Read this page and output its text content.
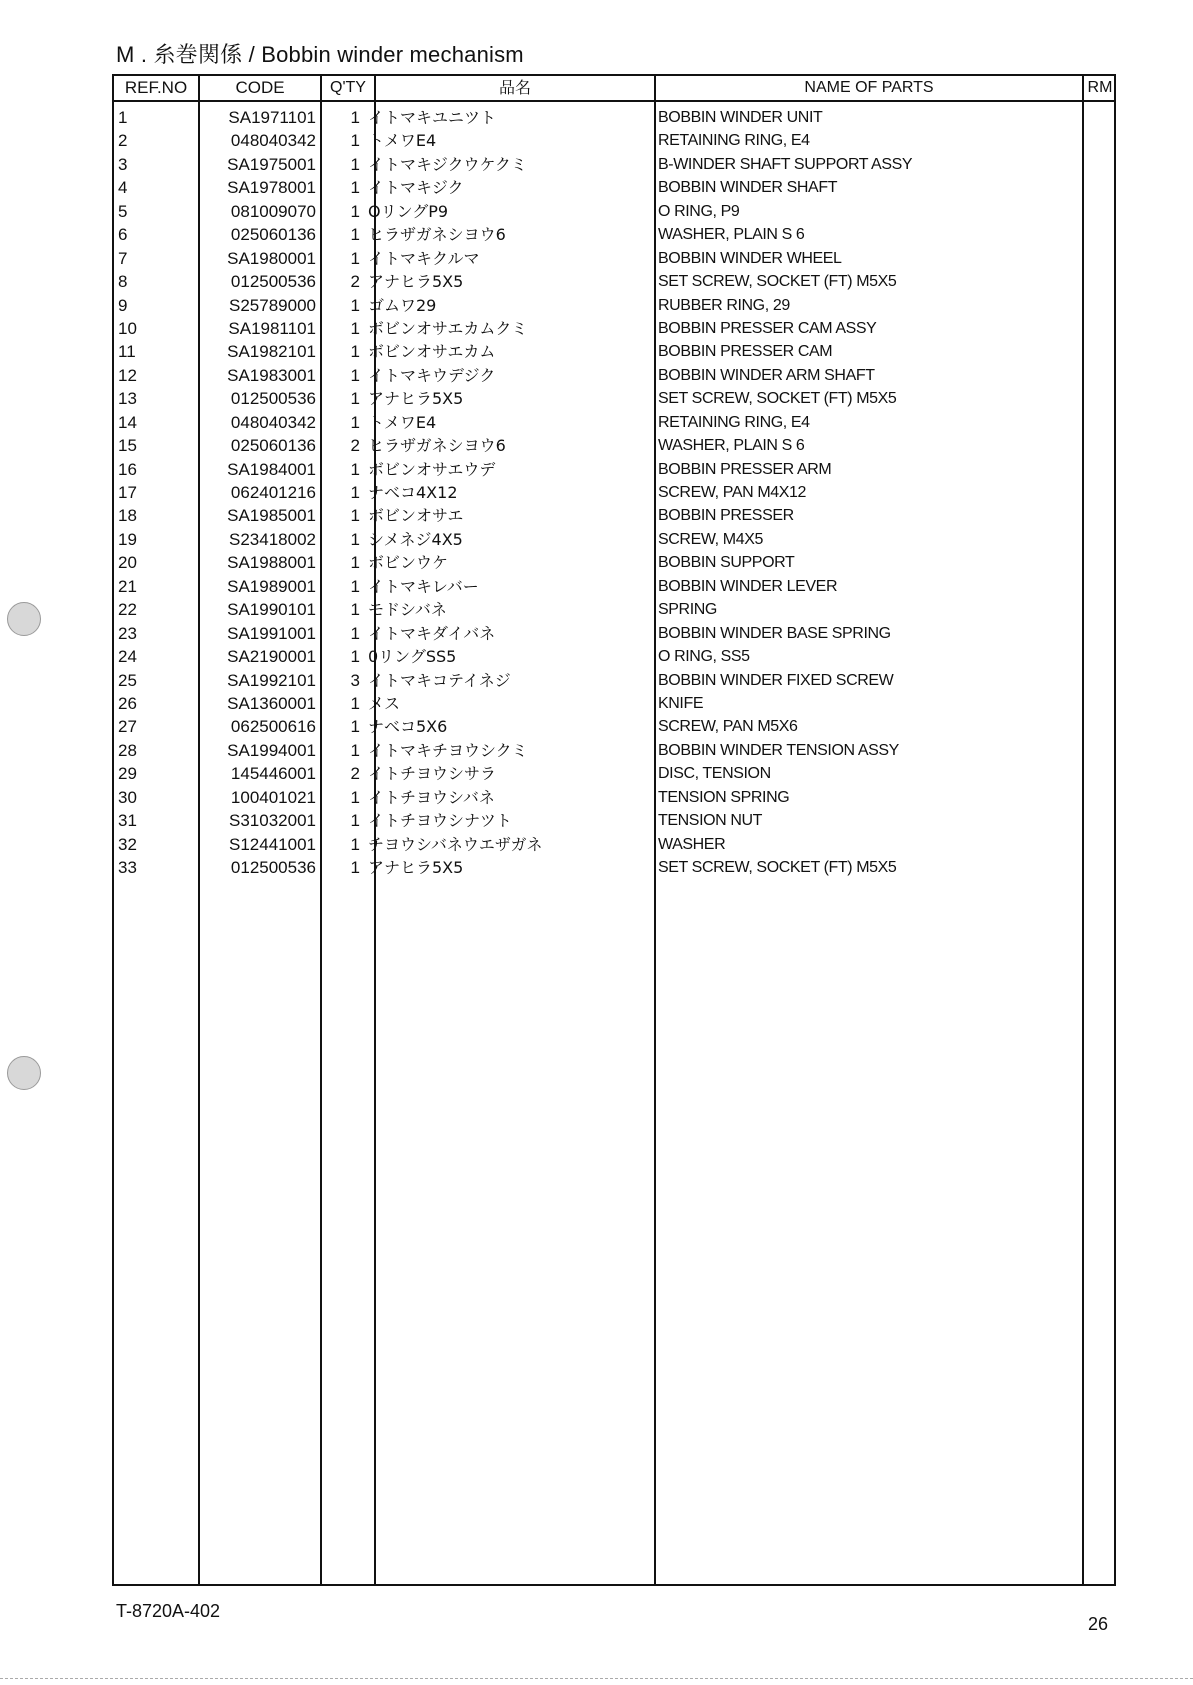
M . 糸巻関係 / Bobbin winder mechanism
REF.NO	CODE	Q'TY	品名	NAME OF PARTS	RM
1	SA1971101	1 イトマキユニツト	BOBBIN WINDER UNIT
2	048040342	1 トメワE4	RETAINING RING, E4
3	SA1975001	1 イトマキジクウケクミ	B-WINDER SHAFT SUPPORT ASSY
4	SA1978001	1 イトマキジク	BOBBIN WINDER SHAFT
5	081009070	1 OリングP9	O RING, P9
6	025060136	1 ヒラザガネシヨウ6	WASHER, PLAIN S 6
7	SA1980001	1 イトマキクルマ	BOBBIN WINDER WHEEL
8	012500536	2 アナヒラ5X5	SET SCREW, SOCKET (FT) M5X5
9	S25789000	1 ゴムワ29	RUBBER RING, 29
10	SA1981101	1 ボビンオサエカムクミ	BOBBIN PRESSER CAM ASSY
11	SA1982101	1 ボビンオサエカム	BOBBIN PRESSER CAM
12	SA1983001	1 イトマキウデジク	BOBBIN WINDER ARM SHAFT
13	012500536	1 アナヒラ5X5	SET SCREW, SOCKET (FT) M5X5
14	048040342	1 トメワE4	RETAINING RING, E4
15	025060136	2 ヒラザガネシヨウ6	WASHER, PLAIN S 6
16	SA1984001	1 ボビンオサエウデ	BOBBIN PRESSER ARM
17	062401216	1 ナベコ4X12	SCREW, PAN M4X12
18	SA1985001	1 ボビンオサエ	BOBBIN PRESSER
19	S23418002	1 シメネジ4X5	SCREW, M4X5
20	SA1988001	1 ボビンウケ	BOBBIN SUPPORT
21	SA1989001	1 イトマキレバー	BOBBIN WINDER LEVER
22	SA1990101	1 モドシバネ	SPRING
23	SA1991001	1 イトマキダイバネ	BOBBIN WINDER BASE SPRING
24	SA2190001	1 0リングSS5	O RING, SS5
25	SA1992101	3 イトマキコテイネジ	BOBBIN WINDER FIXED SCREW
26	SA1360001	1 メス	KNIFE
27	062500616	1 ナベコ5X6	SCREW, PAN M5X6
28	SA1994001	1 イトマキチヨウシクミ	BOBBIN WINDER TENSION ASSY
29	145446001	2 イトチヨウシサラ	DISC, TENSION
30	100401021	1 イトチヨウシバネ	TENSION SPRING
31	S31032001	1 イトチヨウシナツト	TENSION NUT
32	S12441001	1 チヨウシバネウエザガネ	WASHER
33	012500536	1 アナヒラ5X5	SET SCREW, SOCKET (FT) M5X5
T-8720A-402
26
